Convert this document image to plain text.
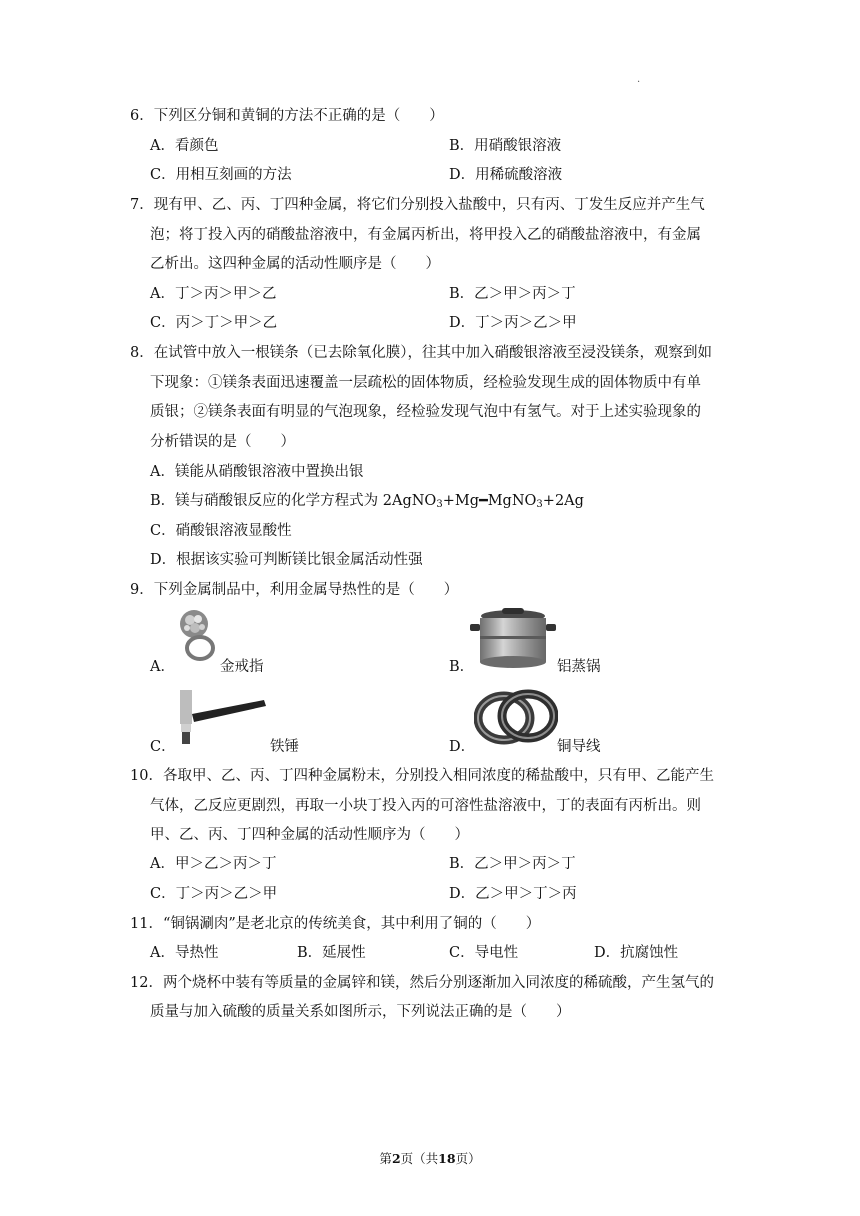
.
6．下列区分铜和黄铜的方法不正确的是（　　）
A．看颜色	B．用硝酸银溶液
C．用相互刻画的方法	D．用稀硫酸溶液
7．现有甲、乙、丙、丁四种金属，将它们分别投入盐酸中，只有丙、丁发生反应并产生气
泡；将丁投入丙的硝酸盐溶液中，有金属丙析出，将甲投入乙的硝酸盐溶液中，有金属
乙析出。这四种金属的活动性顺序是（　　）
A．丁＞丙＞甲＞乙	B．乙＞甲＞丙＞丁
C．丙＞丁＞甲＞乙	D．丁＞丙＞乙＞甲
8．在试管中放入一根镁条（已去除氧化膜），往其中加入硝酸银溶液至浸没镁条，观察到如
下现象：①镁条表面迅速覆盖一层疏松的固体物质，经检验发现生成的固体物质中有单
质银；②镁条表面有明显的气泡现象，经检验发现气泡中有氢气。对于上述实验现象的
分析错误的是（　　）
A．镁能从硝酸银溶液中置换出银
B．镁与硝酸银反应的化学方程式为 2AgNO$_3$+Mg━MgNO$_3$+2Ag
C．硝酸银溶液显酸性
D．根据该实验可判断镁比银金属活动性强
9．下列金属制品中，利用金属导热性的是（　　）
A．	金戒指	B．	铝蒸锅
C．	铁锤	D．	铜导线
10．各取甲、乙、丙、丁四种金属粉末，分别投入相同浓度的稀盐酸中，只有甲、乙能产生
气体，乙反应更剧烈，再取一小块丁投入丙的可溶性盐溶液中，丁的表面有丙析出。则
甲、乙、丙、丁四种金属的活动性顺序为（　　）
A．甲＞乙＞丙＞丁	B．乙＞甲＞丙＞丁
C．丁＞丙＞乙＞甲	D．乙＞甲＞丁＞丙
11．“铜锅涮肉”是老北京的传统美食，其中利用了铜的（　　）
A．导热性	B．延展性	C．导电性	D．抗腐蚀性
12．两个烧杯中装有等质量的金属锌和镁，然后分别逐渐加入同浓度的稀硫酸，产生氢气的
质量与加入硫酸的质量关系如图所示，下列说法正确的是（　　）
第2页（共18页）
